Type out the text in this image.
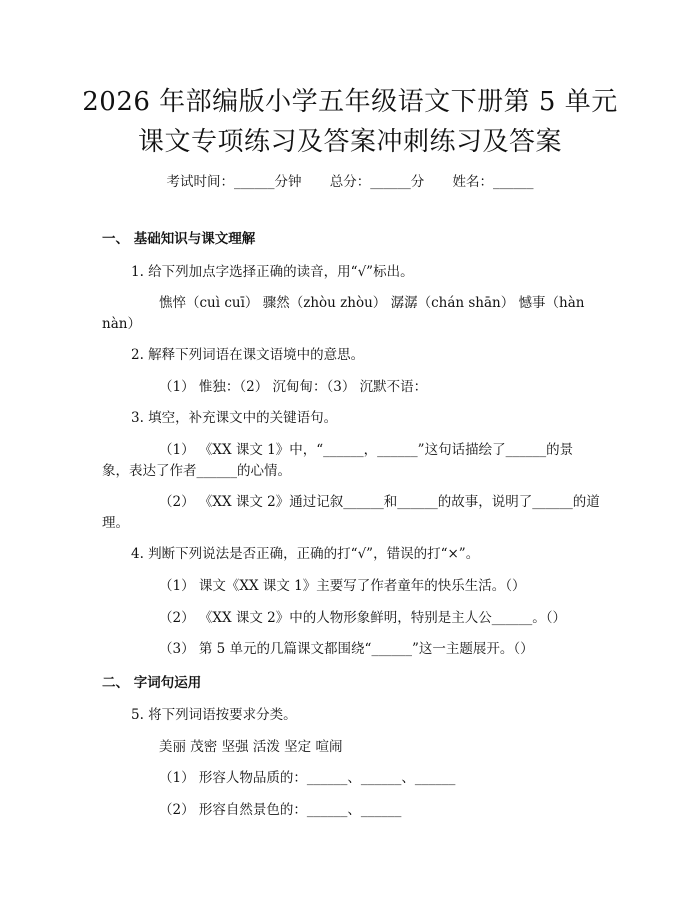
2026 年部编版小学五年级语文下册第 5 单元
课文专项练习及答案冲刺练习及答案
考试时间：______分钟 总分：______分 姓名：______
一、 基础知识与课文理解
1. 给下列加点字选择正确的读音，用“√”标出。
憔悴（cuì cuī） 骤然（zhòu zhòu） 潺潺（chán shān） 憾事（hàn
nàn）
2. 解释下列词语在课文语境中的意思。
（1） 惟独：（2） 沉甸甸：（3） 沉默不语：
3. 填空，补充课文中的关键语句。
（1） 《XX 课文 1》中，“______，______”这句话描绘了______的景
象，表达了作者______的心情。
（2） 《XX 课文 2》通过记叙______和______的故事，说明了______的道
理。
4. 判断下列说法是否正确，正确的打“√”，错误的打“×”。
（1） 课文《XX 课文 1》主要写了作者童年的快乐生活。（）
（2） 《XX 课文 2》中的人物形象鲜明，特别是主人公______。（）
（3） 第 5 单元的几篇课文都围绕“______”这一主题展开。（）
二、 字词句运用
5. 将下列词语按要求分类。
美丽 茂密 坚强 活泼 坚定 喧闹
（1） 形容人物品质的：______、______、______
（2） 形容自然景色的：______、______
